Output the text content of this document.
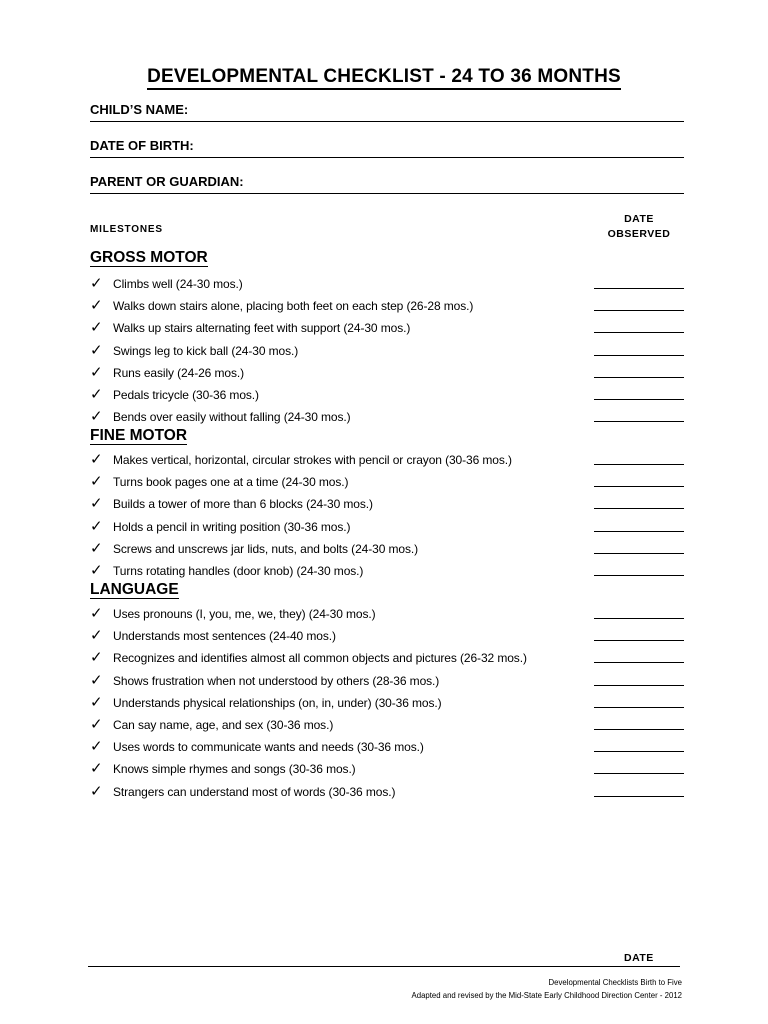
DEVELOPMENTAL CHECKLIST - 24 TO 36 MONTHS
CHILD’S NAME:
DATE OF BIRTH:
PARENT OR GUARDIAN:
MILESTONES
DATE
OBSERVED
GROSS MOTOR
✓ Climbs well (24-30 mos.)
✓ Walks down stairs alone, placing both feet on each step (26-28 mos.)
✓ Walks up stairs alternating feet with support (24-30 mos.)
✓ Swings leg to kick ball (24-30 mos.)
✓ Runs easily (24-26 mos.)
✓ Pedals tricycle (30-36 mos.)
✓ Bends over easily without falling (24-30 mos.)
FINE MOTOR
✓ Makes vertical, horizontal, circular strokes with pencil or crayon (30-36 mos.)
✓ Turns book pages one at a time (24-30 mos.)
✓ Builds a tower of more than 6 blocks (24-30 mos.)
✓ Holds a pencil in writing position (30-36 mos.)
✓ Screws and unscrews jar lids, nuts, and bolts (24-30 mos.)
✓ Turns rotating handles (door knob) (24-30 mos.)
LANGUAGE
✓ Uses pronouns (I, you, me, we, they) (24-30 mos.)
✓ Understands most sentences (24-40 mos.)
✓ Recognizes and identifies almost all common objects and pictures (26-32 mos.)
✓ Shows frustration when not understood by others (28-36 mos.)
✓ Understands physical relationships (on, in, under) (30-36 mos.)
✓ Can say name, age, and sex (30-36 mos.)
✓ Uses words to communicate wants and needs (30-36 mos.)
✓ Knows simple rhymes and songs (30-36 mos.)
✓ Strangers can understand most of words (30-36 mos.)
DATE
Developmental Checklists Birth to Five
Adapted and revised by the Mid-State Early Childhood Direction Center - 2012
